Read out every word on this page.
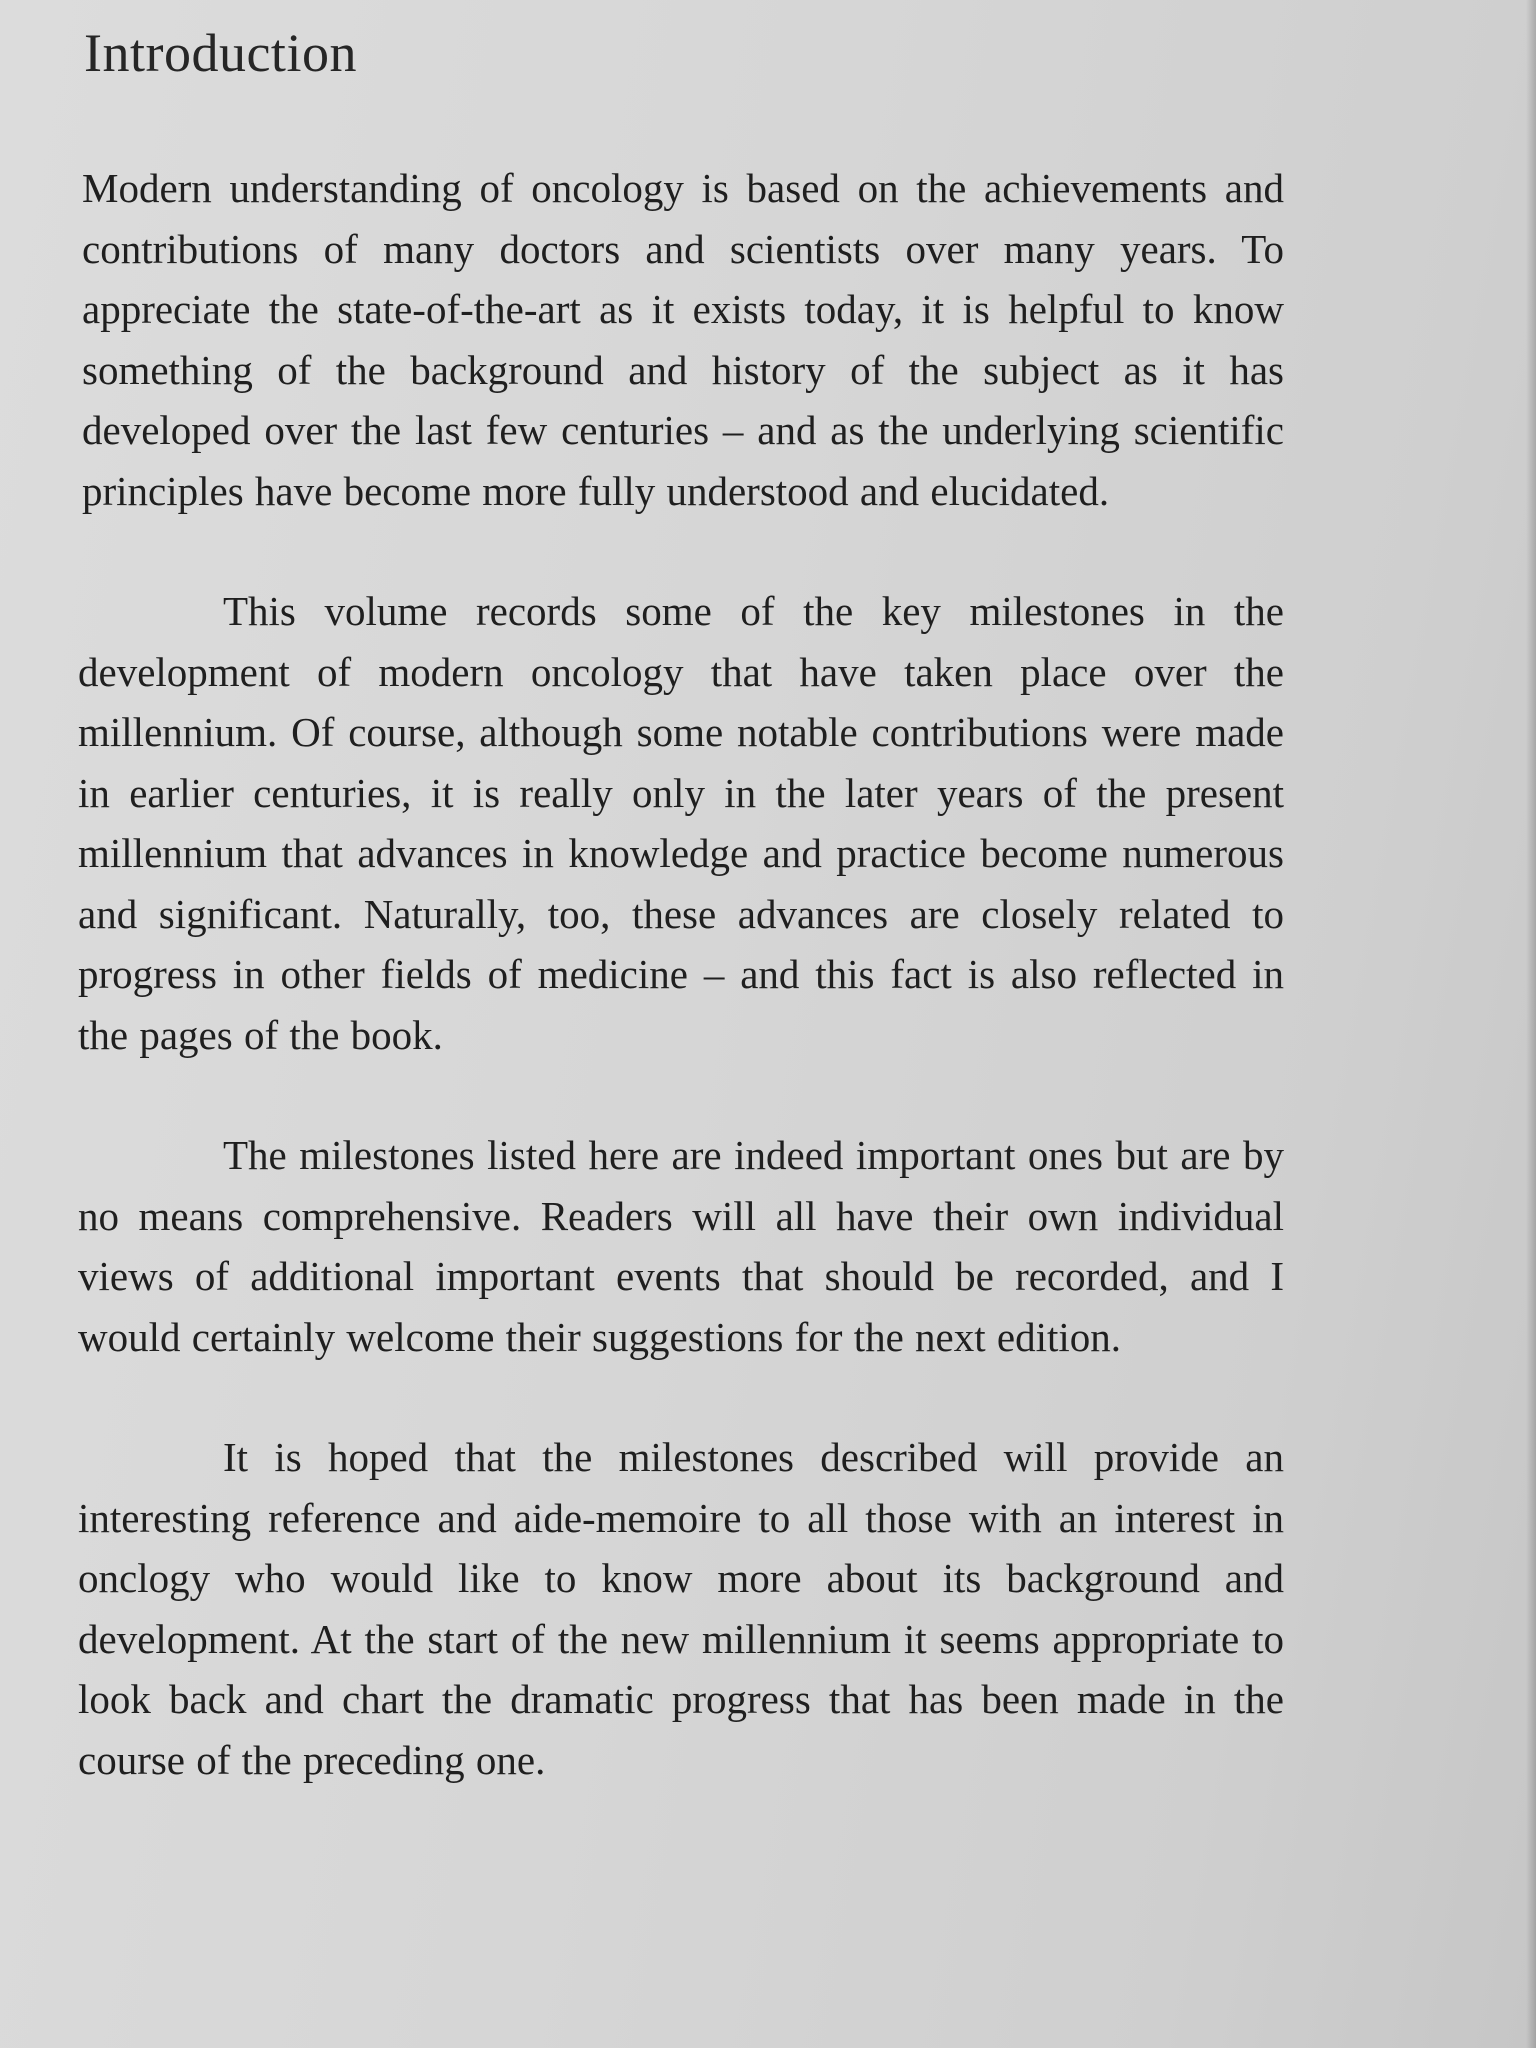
Introduction

Modern understanding of oncology is based on the achievements and contributions of many doctors and scientists over many years. To appreciate the state-of-the-art as it exists today, it is helpful to know something of the background and history of the subject as it has developed over the last few centuries – and as the underlying scientific principles have become more fully understood and elucidated.

This volume records some of the key milestones in the development of modern oncology that have taken place over the millennium. Of course, although some notable contributions were made in earlier centuries, it is really only in the later years of the present millennium that advances in knowledge and practice become numerous and significant. Naturally, too, these advances are closely related to progress in other fields of medicine – and this fact is also reflected in the pages of the book.

The milestones listed here are indeed important ones but are by no means comprehensive. Readers will all have their own individual views of additional important events that should be recorded, and I would certainly welcome their suggestions for the next edition.

It is hoped that the milestones described will provide an interesting reference and aide-memoire to all those with an interest in onclogy who would like to know more about its background and development. At the start of the new millennium it seems appropriate to look back and chart the dramatic progress that has been made in the course of the preceding one.
